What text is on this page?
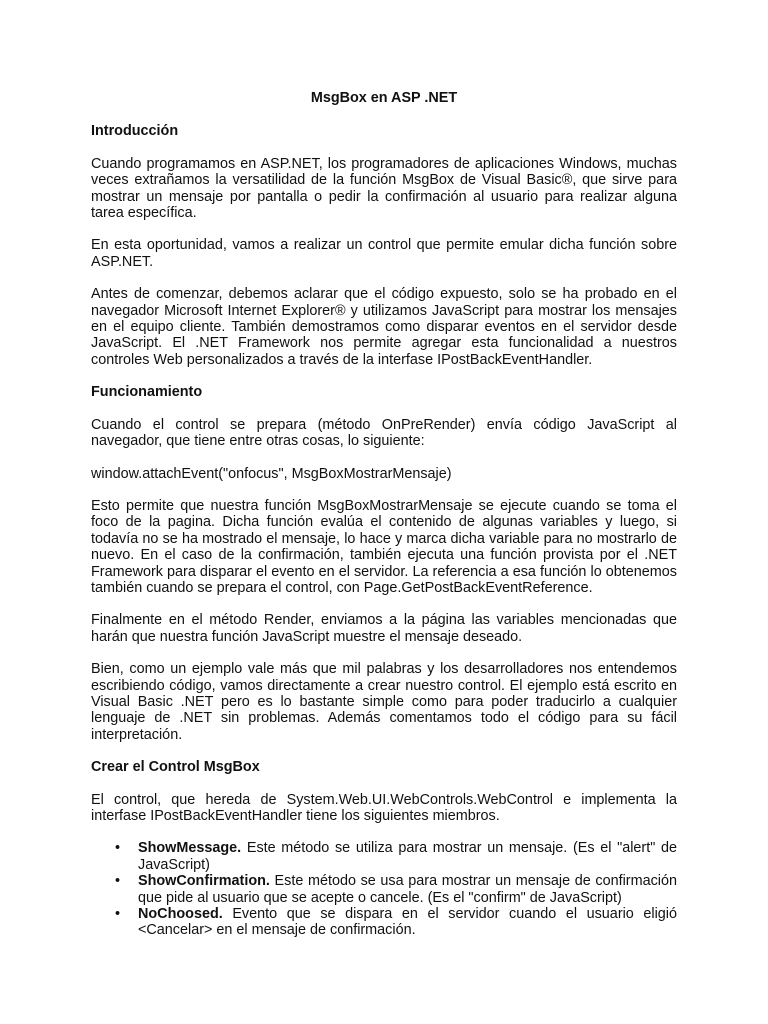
MsgBox en ASP .NET
Introducción

Cuando programamos en ASP.NET, los programadores de aplicaciones Windows, muchas veces extrañamos la versatilidad de la función MsgBox de Visual Basic®, que sirve para mostrar un mensaje por pantalla o pedir la confirmación al usuario para realizar alguna tarea específica.

En esta oportunidad, vamos a realizar un control que permite emular dicha función sobre ASP.NET.

Antes de comenzar, debemos aclarar que el código expuesto, solo se ha probado en el navegador Microsoft Internet Explorer® y utilizamos JavaScript para mostrar los mensajes en el equipo cliente. También demostramos como disparar eventos en el servidor desde JavaScript. El .NET Framework nos permite agregar esta funcionalidad a nuestros controles Web personalizados a través de la interfase IPostBackEventHandler.

Funcionamiento

Cuando el control se prepara (método OnPreRender) envía código JavaScript al navegador, que tiene entre otras cosas, lo siguiente:

window.attachEvent("onfocus", MsgBoxMostrarMensaje)

Esto permite que nuestra función MsgBoxMostrarMensaje se ejecute cuando se toma el foco de la pagina. Dicha función evalúa el contenido de algunas variables y luego, si todavía no se ha mostrado el mensaje, lo hace y marca dicha variable para no mostrarlo de nuevo. En el caso de la confirmación, también ejecuta una función provista por el .NET Framework para disparar el evento en el servidor. La referencia a esa función lo obtenemos también cuando se prepara el control, con Page.GetPostBackEventReference.

Finalmente en el método Render, enviamos a la página las variables mencionadas que harán que nuestra función JavaScript muestre el mensaje deseado.

Bien, como un ejemplo vale más que mil palabras y los desarrolladores nos entendemos escribiendo código, vamos directamente a crear nuestro control. El ejemplo está escrito en Visual Basic .NET pero es lo bastante simple como para poder traducirlo a cualquier lenguaje de .NET sin problemas. Además comentamos todo el código para su fácil interpretación.

Crear el Control MsgBox

El control, que hereda de System.Web.UI.WebControls.WebControl e implementa la interfase IPostBackEventHandler tiene los siguientes miembros.

• ShowMessage. Este método se utiliza para mostrar un mensaje. (Es el "alert" de JavaScript)
• ShowConfirmation. Este método se usa para mostrar un mensaje de confirmación que pide al usuario que se acepte o cancele. (Es el "confirm" de JavaScript)
• NoChoosed. Evento que se dispara en el servidor cuando el usuario eligió <Cancelar> en el mensaje de confirmación.
